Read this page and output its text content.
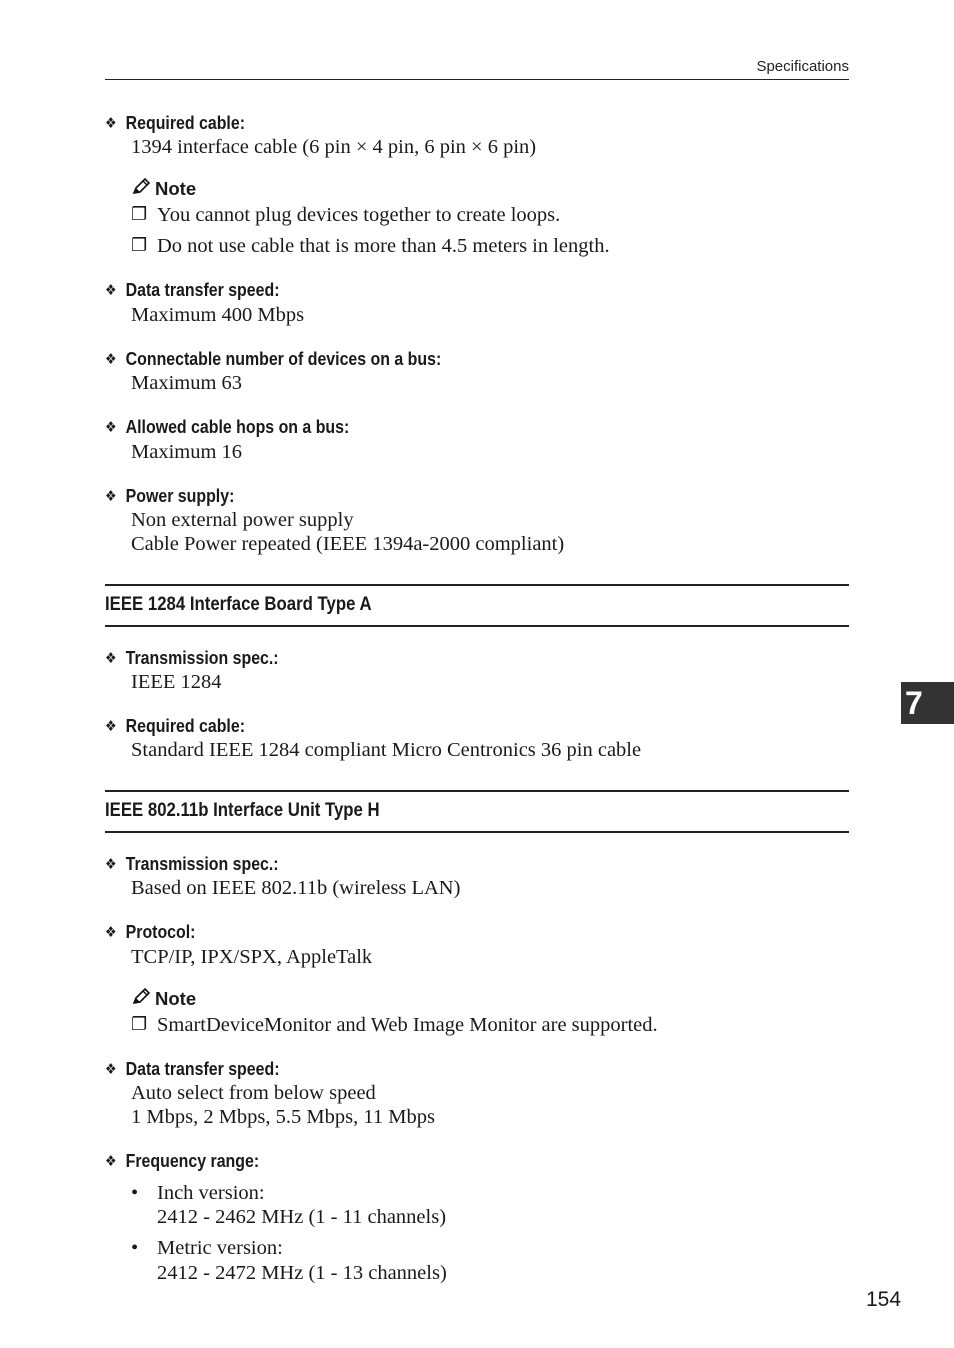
Specifications
❖ Required cable:
1394 interface cable (6 pin × 4 pin, 6 pin × 6 pin)
Note
❐ You cannot plug devices together to create loops.
❐ Do not use cable that is more than 4.5 meters in length.
❖ Data transfer speed:
Maximum 400 Mbps
❖ Connectable number of devices on a bus:
Maximum 63
❖ Allowed cable hops on a bus:
Maximum 16
❖ Power supply:
Non external power supply
Cable Power repeated (IEEE 1394a-2000 compliant)
IEEE 1284 Interface Board Type A
❖ Transmission spec.:
IEEE 1284
❖ Required cable:
Standard IEEE 1284 compliant Micro Centronics 36 pin cable
IEEE 802.11b Interface Unit Type H
❖ Transmission spec.:
Based on IEEE 802.11b (wireless LAN)
❖ Protocol:
TCP/IP, IPX/SPX, AppleTalk
Note
❐ SmartDeviceMonitor and Web Image Monitor are supported.
❖ Data transfer speed:
Auto select from below speed
1 Mbps, 2 Mbps, 5.5 Mbps, 11 Mbps
❖ Frequency range:
• Inch version:
2412 - 2462 MHz (1 - 11 channels)
• Metric version:
2412 - 2472 MHz (1 - 13 channels)
7
154
